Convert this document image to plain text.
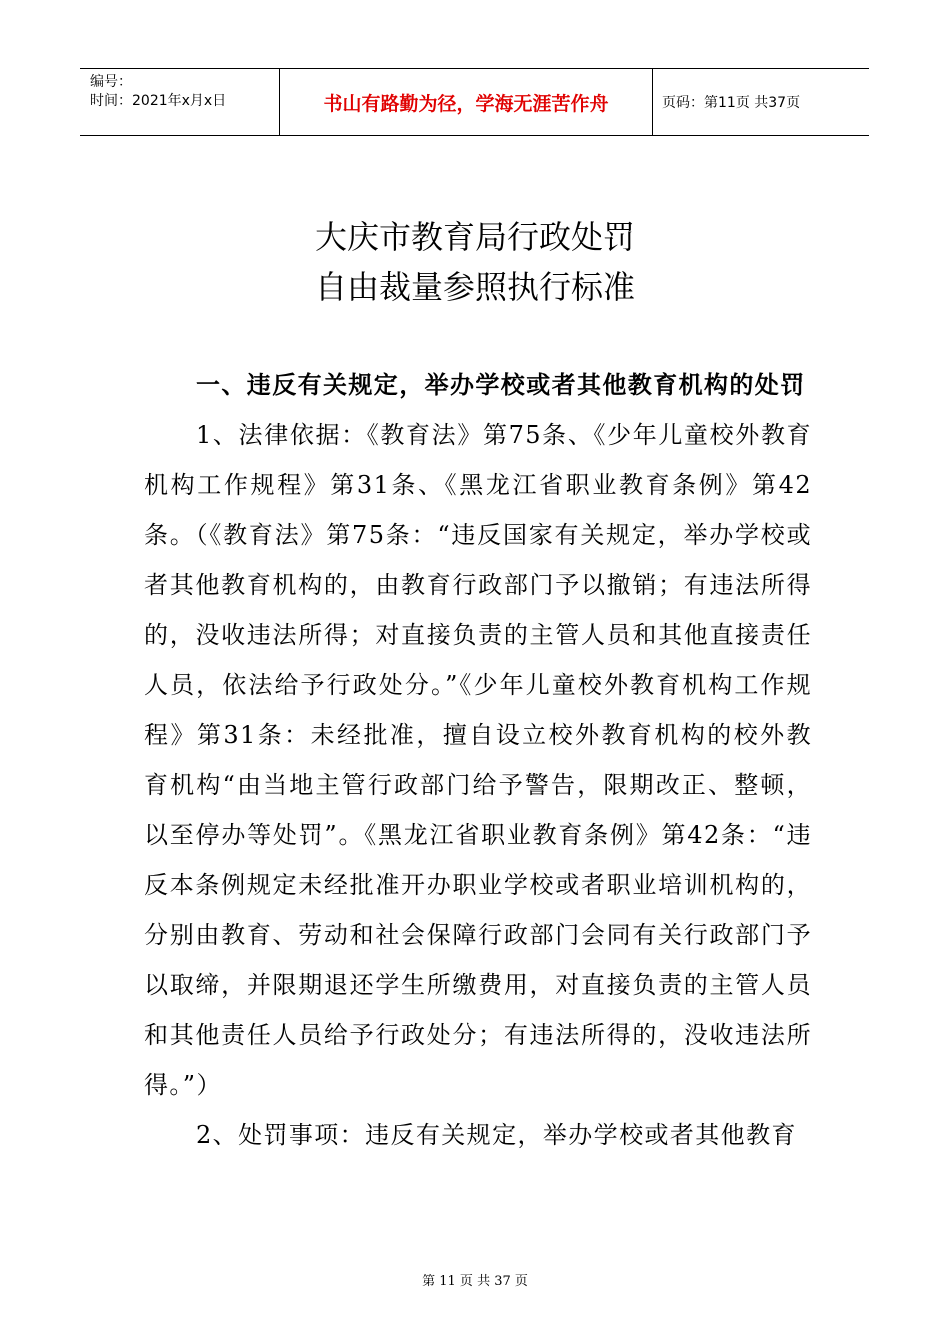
编号：
时间：2021年x月x日	书山有路勤为径，学海无涯苦作舟	页码：第11页 共37页
大庆市教育局行政处罚
自由裁量参照执行标准

一、违反有关规定，举办学校或者其他教育机构的处罚

1、法律依据：《教育法》第75条、《少年儿童校外教育机构工作规程》第31条、《黑龙江省职业教育条例》第42条。（《教育法》第75条：“违反国家有关规定，举办学校或者其他教育机构的，由教育行政部门予以撤销；有违法所得的，没收违法所得；对直接负责的主管人员和其他直接责任人员，依法给予行政处分。”《少年儿童校外教育机构工作规程》第31条：未经批准，擅自设立校外教育机构的校外教育机构“由当地主管行政部门给予警告，限期改正、整顿，以至停办等处罚”。《黑龙江省职业教育条例》第42条：“违反本条例规定未经批准开办职业学校或者职业培训机构的，分别由教育、劳动和社会保障行政部门会同有关行政部门予以取缔，并限期退还学生所缴费用，对直接负责的主管人员和其他责任人员给予行政处分；有违法所得的，没收违法所得。”）

2、处罚事项：违反有关规定，举办学校或者其他教育

第 11 页 共 37 页
